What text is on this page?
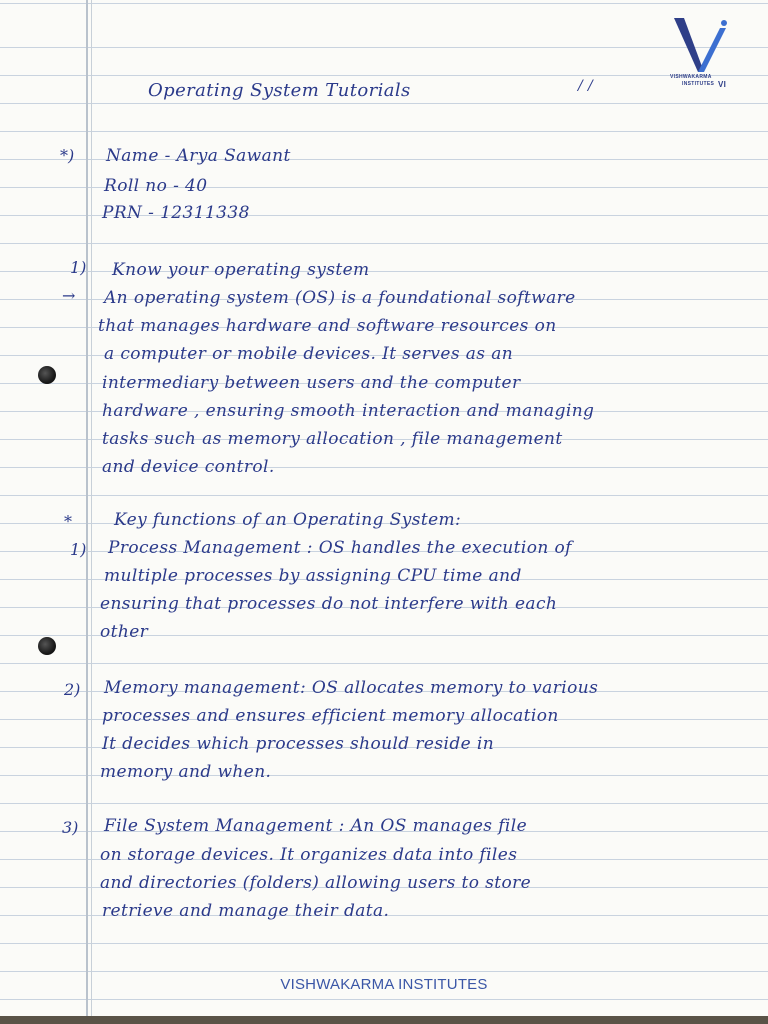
VISHWAKARMA
INSTITUTES VI
Operating System Tutorials	/ /
*) Name - Arya Sawant
Roll no - 40
PRN - 12311338
1) Know your operating system
→ An operating system (OS) is a foundational software
that manages hardware and software resources on
a computer or mobile devices. It serves as an
intermediary between users and the computer
hardware , ensuring smooth interaction and managing
tasks such as memory allocation , file management
and device control.
* Key functions of an Operating System:
1) Process Management : OS handles the execution of
multiple processes by assigning CPU time and
ensuring that processes do not interfere with each
other
2) Memory management: OS allocates memory to various
processes and ensures efficient memory allocation
It decides which processes should reside in
memory and when.
3) File System Management : An OS manages file
on storage devices. It organizes data into files
and directories (folders) allowing users to store
retrieve and manage their data.
VISHWAKARMA INSTITUTES
